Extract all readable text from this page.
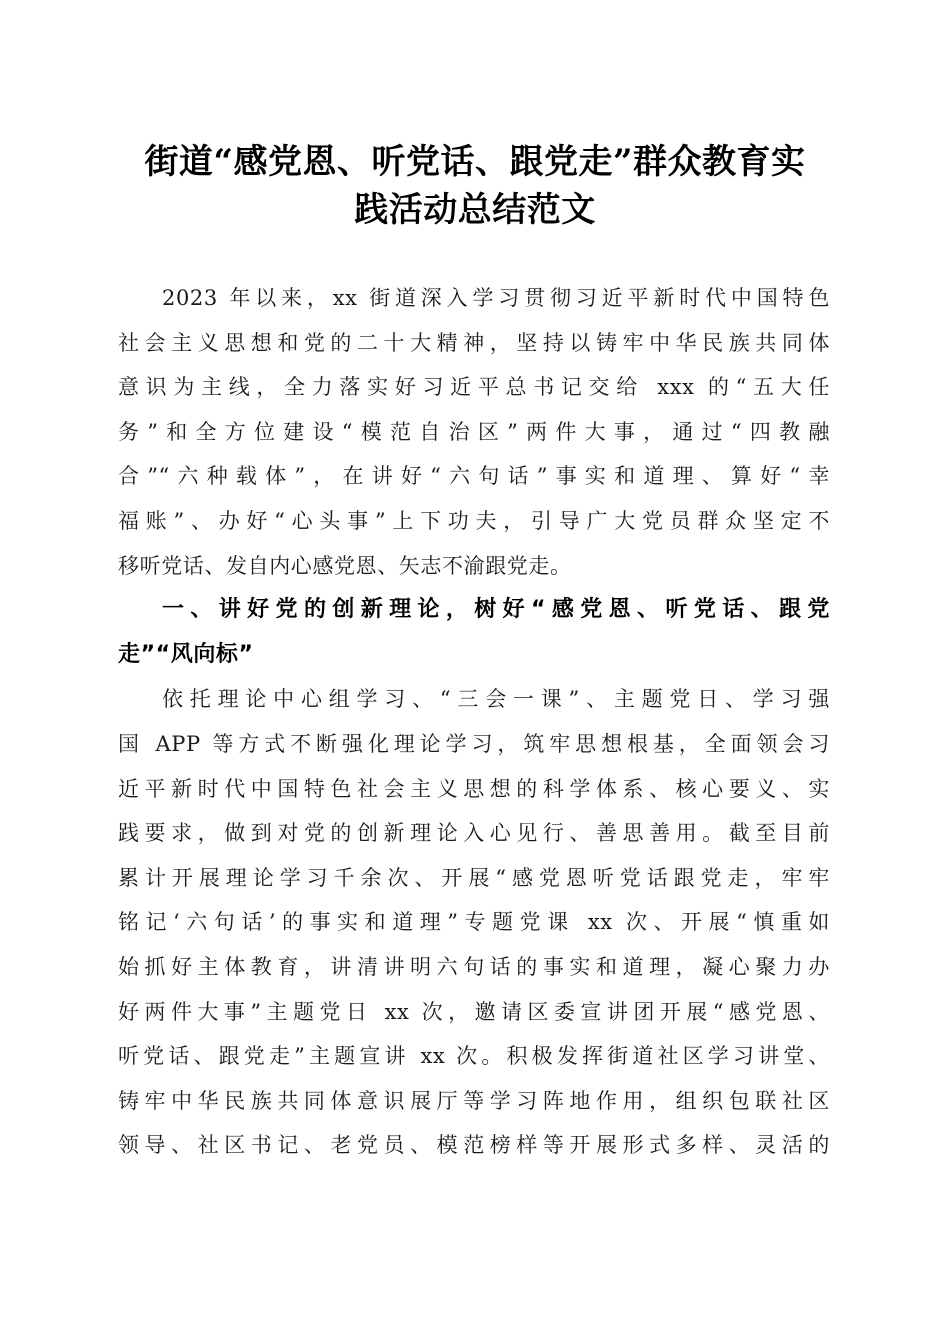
街道“感党恩、听党话、跟党走”群众教育实
践活动总结范文
2023 年以来，xx 街道深入学习贯彻习近平新时代中国特色
社会主义思想和党的二十大精神，坚持以铸牢中华民族共同体
意识为主线，全力落实好习近平总书记交给 xxx 的“五大任
务”和全方位建设“模范自治区”两件大事，通过“四教融
合”“六种载体”，在讲好“六句话”事实和道理、算好“幸
福账”、办好“心头事”上下功夫，引导广大党员群众坚定不
移听党话、发自内心感党恩、矢志不渝跟党走。
一、讲好党的创新理论，树好“感党恩、听党话、跟党
走”“风向标”
依托理论中心组学习、“三会一课”、主题党日、学习强
国 APP 等方式不断强化理论学习，筑牢思想根基，全面领会习
近平新时代中国特色社会主义思想的科学体系、核心要义、实
践要求，做到对党的创新理论入心见行、善思善用。截至目前
累计开展理论学习千余次、开展“感党恩听党话跟党走，牢牢
铭记‘六句话’的事实和道理”专题党课 xx 次、开展“慎重如
始抓好主体教育，讲清讲明六句话的事实和道理，凝心聚力办
好两件大事”主题党日 xx 次，邀请区委宣讲团开展“感党恩、
听党话、跟党走”主题宣讲 xx 次。积极发挥街道社区学习讲堂、
铸牢中华民族共同体意识展厅等学习阵地作用，组织包联社区
领导、社区书记、老党员、模范榜样等开展形式多样、灵活的
